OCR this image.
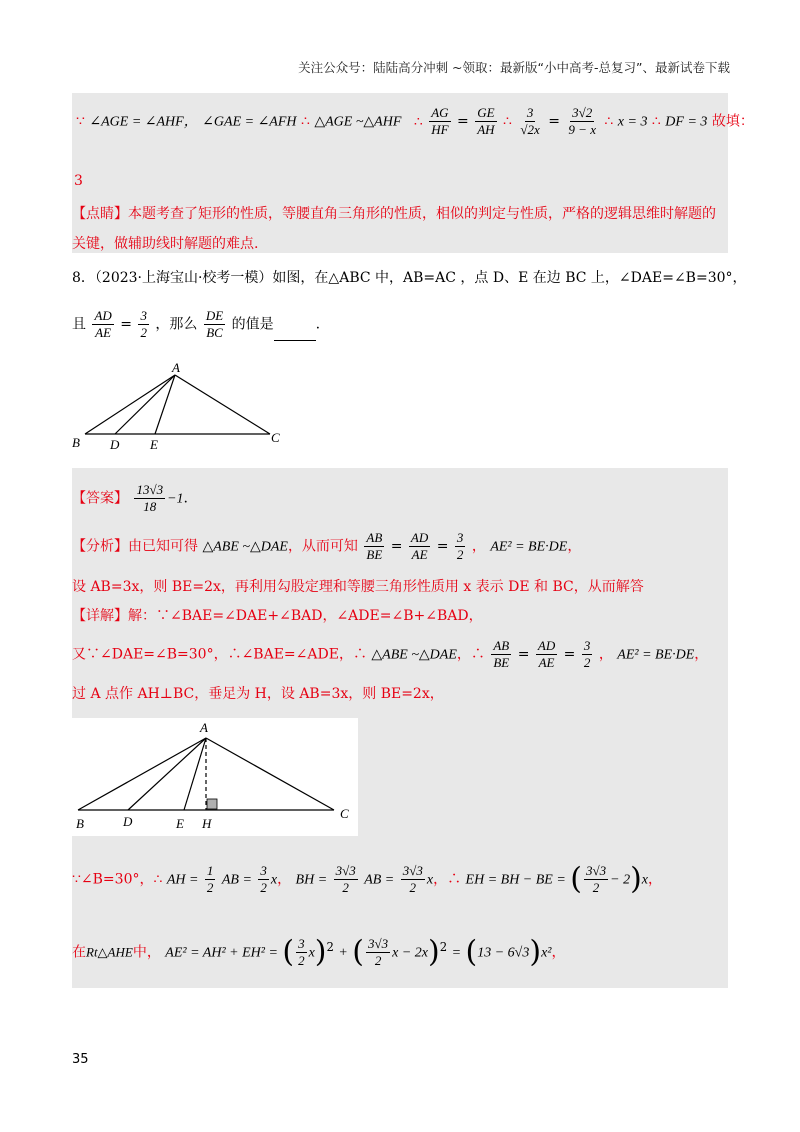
关注公众号：陆陆高分冲刺 ~领取：最新版“小中高考-总复习”、最新试卷下载
∵ ∠AGE = ∠AHF， ∠GAE = ∠AFH ∴ △AGE ~△AHF ∴ $\frac{AG}{HF} = \frac{GE}{AH}$ ∴ $\frac{3}{√2x} = \frac{3√2}{9 - x}$ ∴ x = 3 ∴ DF = 3 故填：
3
【点睛】本题考查了矩形的性质，等腰直角三角形的性质，相似的判定与性质，严格的逻辑思维时解题的
关键，做辅助线时解题的难点.
8．（2023·上海宝山·校考一模）如图，在△ABC 中，AB=AC ，点 D、E 在边 BC 上，∠DAE=∠B=30°，
且 $\frac{AD}{AE} = \frac{3}{2}$ ，那么 $\frac{DE}{BC}$ 的值是	.
A
B D E	C
【答案】 $\frac{13√3}{18} -1$.
【分析】由已知可得 △ABE ~△DAE，从而可知 $\frac{AB}{BE} = \frac{AD}{AE} = \frac{3}{2}$ ， AE² = BE·DE，
设 AB=3x，则 BE=2x，再利用勾股定理和等腰三角形性质用 x 表示 DE 和 BC，从而解答
【详解】解：∵∠BAE=∠DAE+∠BAD，∠ADE=∠B+∠BAD，
又∵∠DAE=∠B=30°，∴∠BAE=∠ADE，∴ △ABE ~△DAE，∴ $\frac{AB}{BE} = \frac{AD}{AE} = \frac{3}{2}$ ， AE² = BE·DE，
过 A 点作 AH⊥BC，垂足为 H，设 AB=3x，则 BE=2x，
A
B	D	E H
C
∵∠B=30°，∴ AH = $\frac{1}{2}$ AB = $\frac{3}{2}$ x， BH = $\frac{3√3}{2}$ AB = $\frac{3√3}{2}$ x，∴ EH = BH − BE = ( $\frac{3√3}{2} - 2)x$，
在Rt△AHE中， AE² = AH² + EH² = ( $\frac{3}{2} x)^2$ + ( $\frac{3√3}{2}$ x − 2x)$^2$ = (13 − 6√3)x²，
35
